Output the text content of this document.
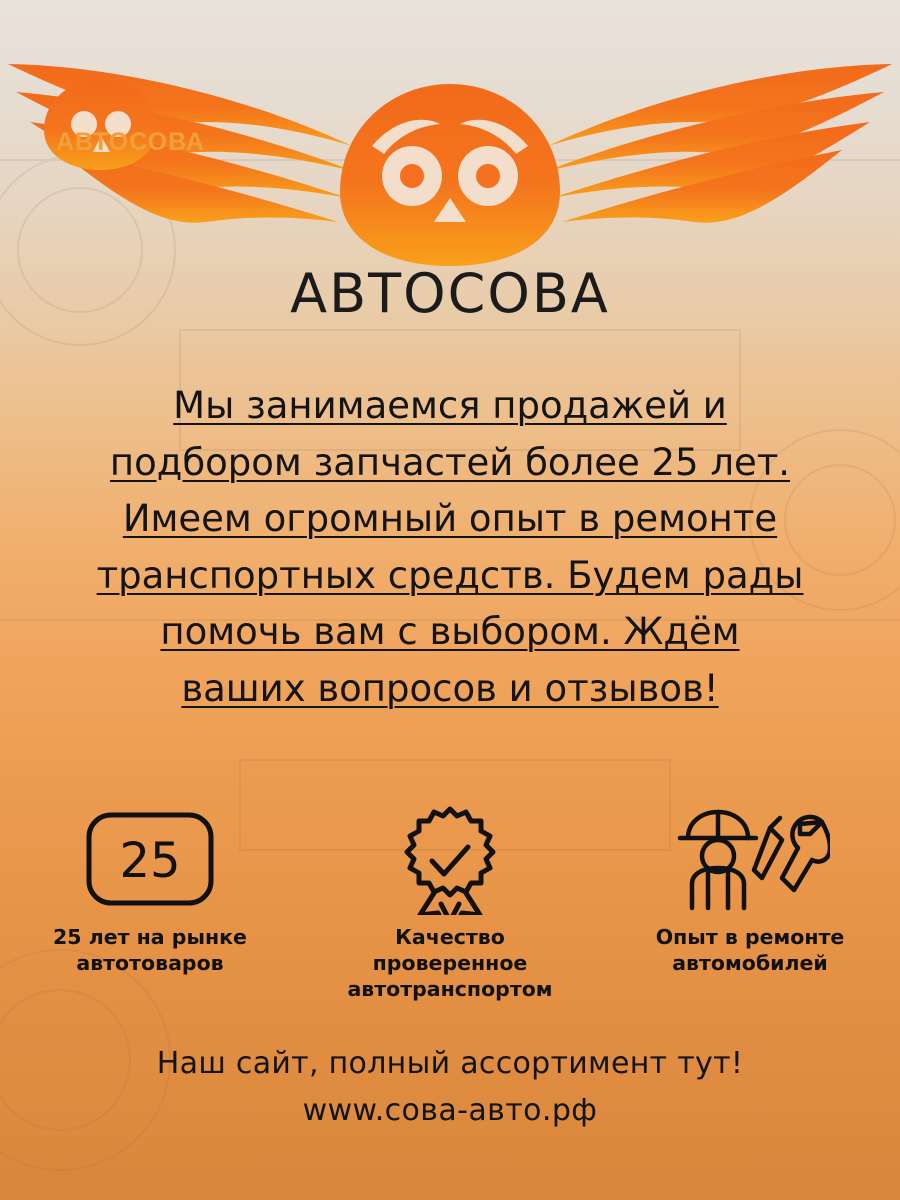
АВТОСОВА
АВТОСОВА
Мы занимаемся продажей и подбором запчастей более 25 лет. Имеем огромный опыт в ремонте транспортных средств. Будем рады помочь вам с выбором. Ждём ваших вопросов и отзывов!
25
25 лет на рынке автотоваров
Качество проверенное автотранспортом
Опыт в ремонте автомобилей
Наш сайт, полный ассортимент тут!
www.сова-авто.рф
